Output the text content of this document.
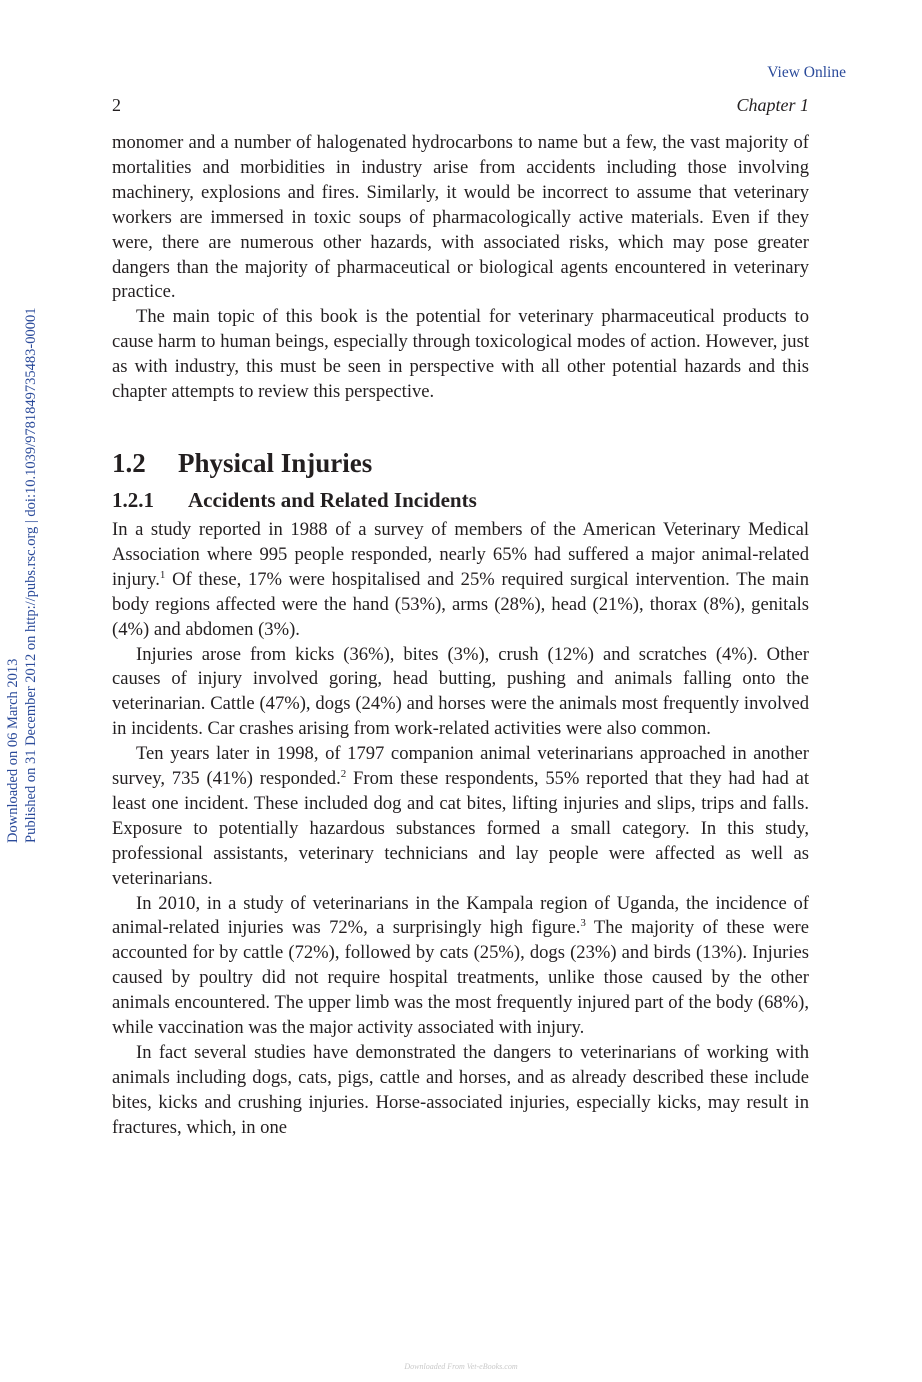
View Online
Downloaded on 06 March 2013 Published on 31 December 2012 on http://pubs.rsc.org | doi:10.1039/9781849735483-00001
2	Chapter 1

monomer and a number of halogenated hydrocarbons to name but a few, the vast majority of mortalities and morbidities in industry arise from accidents including those involving machinery, explosions and fires. Similarly, it would be incorrect to assume that veterinary workers are immersed in toxic soups of pharmacologically active materials. Even if they were, there are numerous other hazards, with associated risks, which may pose greater dangers than the majority of pharmaceutical or biological agents encountered in veterinary practice.

The main topic of this book is the potential for veterinary pharmaceutical products to cause harm to human beings, especially through toxicological modes of action. However, just as with industry, this must be seen in perspective with all other potential hazards and this chapter attempts to review this perspective.

1.2 Physical Injuries
1.2.1 Accidents and Related Incidents

In a study reported in 1988 of a survey of members of the American Veterinary Medical Association where 995 people responded, nearly 65% had suffered a major animal-related injury.$^1$ Of these, 17% were hospitalised and 25% required surgical intervention. The main body regions affected were the hand (53%), arms (28%), head (21%), thorax (8%), genitals (4%) and abdomen (3%).

Injuries arose from kicks (36%), bites (3%), crush (12%) and scratches (4%). Other causes of injury involved goring, head butting, pushing and animals falling onto the veterinarian. Cattle (47%), dogs (24%) and horses were the animals most frequently involved in incidents. Car crashes arising from work-related activities were also common.

Ten years later in 1998, of 1797 companion animal veterinarians approached in another survey, 735 (41%) responded.$^2$ From these respondents, 55% reported that they had had at least one incident. These included dog and cat bites, lifting injuries and slips, trips and falls. Exposure to potentially hazardous substances formed a small category. In this study, professional assistants, veterinary technicians and lay people were affected as well as veterinarians.

In 2010, in a study of veterinarians in the Kampala region of Uganda, the incidence of animal-related injuries was 72%, a surprisingly high figure.$^3$ The majority of these were accounted for by cattle (72%), followed by cats (25%), dogs (23%) and birds (13%). Injuries caused by poultry did not require hospital treatments, unlike those caused by the other animals encountered. The upper limb was the most frequently injured part of the body (68%), while vaccination was the major activity associated with injury.

In fact several studies have demonstrated the dangers to veterinarians of working with animals including dogs, cats, pigs, cattle and horses, and as already described these include bites, kicks and crushing injuries. Horse-associated injuries, especially kicks, may result in fractures, which, in one

Downloaded From Vet-eBooks.com
